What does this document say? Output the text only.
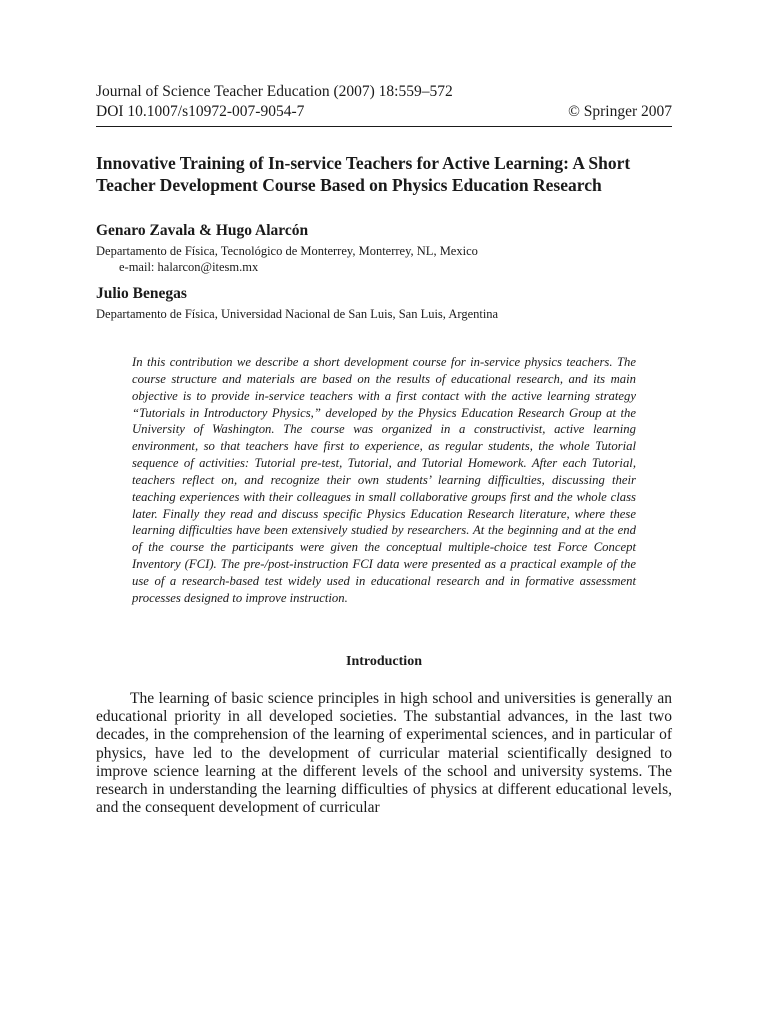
Journal of Science Teacher Education (2007) 18:559–572
DOI 10.1007/s10972-007-9054-7	© Springer 2007
Innovative Training of In-service Teachers for Active Learning: A Short Teacher Development Course Based on Physics Education Research
Genaro Zavala & Hugo Alarcón
Departamento de Física, Tecnológico de Monterrey, Monterrey, NL, Mexico
e-mail: halarcon@itesm.mx
Julio Benegas
Departamento de Física, Universidad Nacional de San Luis, San Luis, Argentina

In this contribution we describe a short development course for in-service physics teachers. The course structure and materials are based on the results of educational research, and its main objective is to provide in-service teachers with a first contact with the active learning strategy “Tutorials in Introductory Physics,” developed by the Physics Education Research Group at the University of Washington. The course was organized in a constructivist, active learning environment, so that teachers have first to experience, as regular students, the whole Tutorial sequence of activities: Tutorial pre-test, Tutorial, and Tutorial Homework. After each Tutorial, teachers reflect on, and recognize their own students’ learning difficulties, discussing their teaching experiences with their colleagues in small collaborative groups first and the whole class later. Finally they read and discuss specific Physics Education Research literature, where these learning difficulties have been extensively studied by researchers. At the beginning and at the end of the course the participants were given the conceptual multiple-choice test Force Concept Inventory (FCI). The pre-/post-instruction FCI data were presented as a practical example of the use of a research-based test widely used in educational research and in formative assessment processes designed to improve instruction.

Introduction

The learning of basic science principles in high school and universities is generally an educational priority in all developed societies. The substantial advances, in the last two decades, in the comprehension of the learning of experimental sciences, and in particular of physics, have led to the development of curricular material scientifically designed to improve science learning at the different levels of the school and university systems. The research in understanding the learning difficulties of physics at different educational levels, and the consequent development of curricular
